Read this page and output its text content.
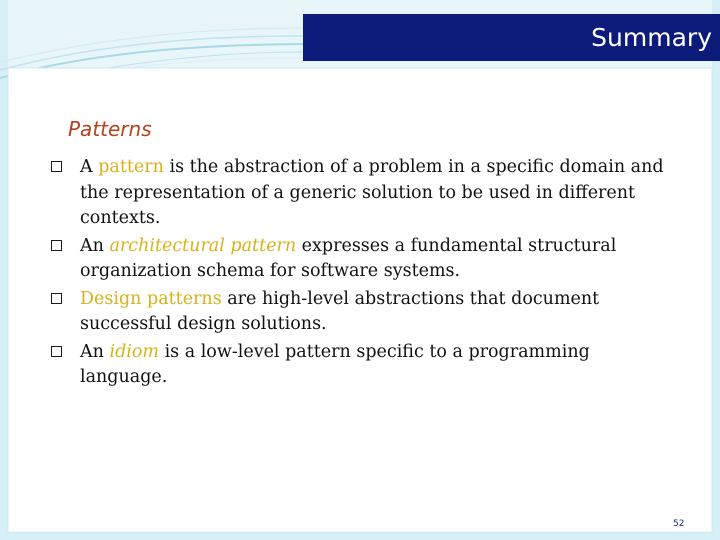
Summary
Patterns
A pattern is the abstraction of a problem in a specific domain and the representation of a generic solution to be used in different contexts.
An architectural pattern expresses a fundamental structural organization schema for software systems.
Design patterns are high-level abstractions that document successful design solutions.
An idiom is a low-level pattern specific to a programming language.
52
